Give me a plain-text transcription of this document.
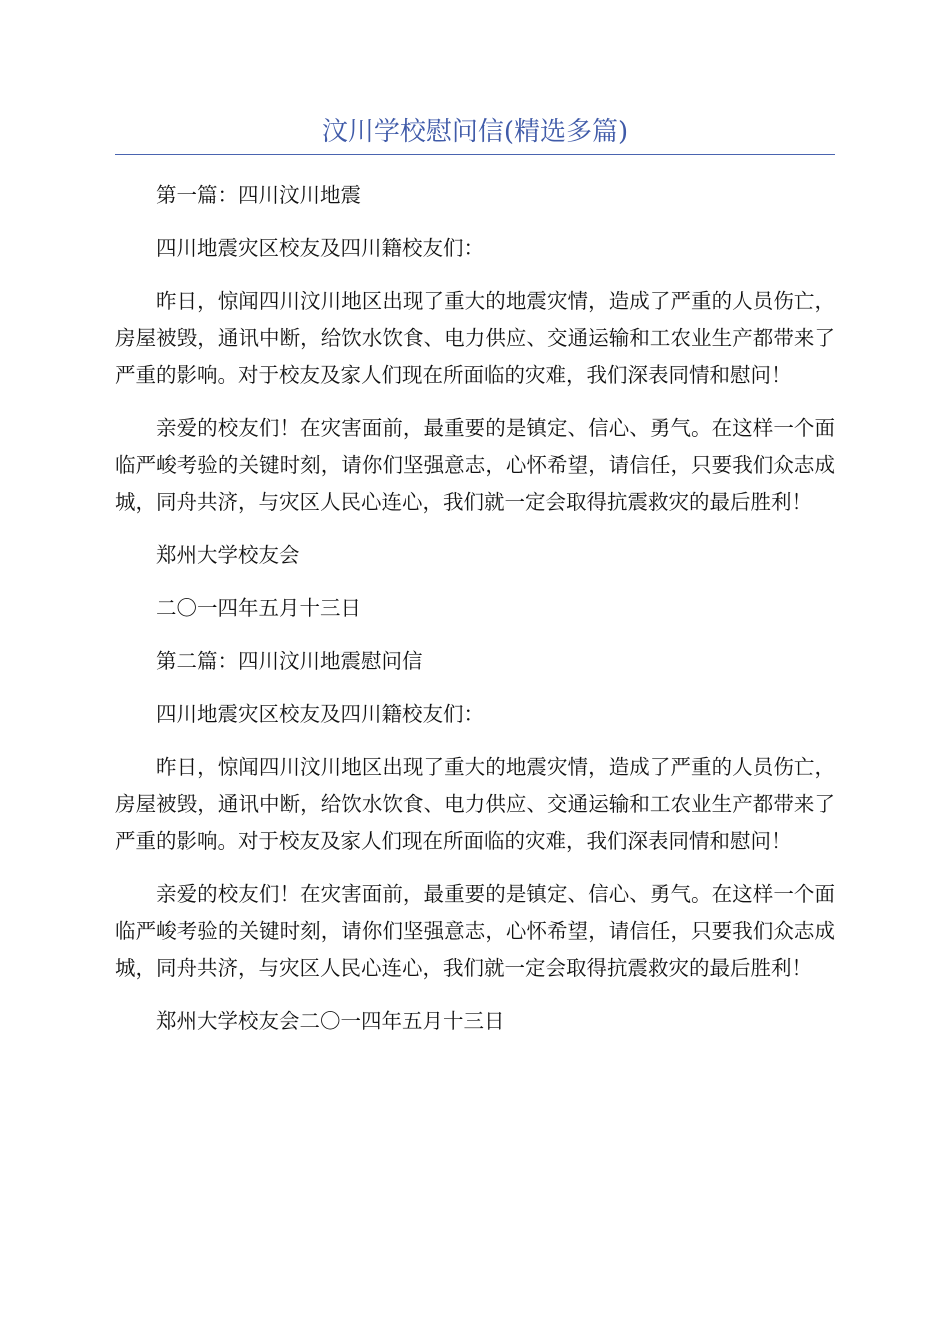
汶川学校慰问信(精选多篇)

第一篇：四川汶川地震

四川地震灾区校友及四川籍校友们：

昨日，惊闻四川汶川地区出现了重大的地震灾情，造成了严重的人员伤亡，房屋被毁，通讯中断，给饮水饮食、电力供应、交通运输和工农业生产都带来了严重的影响。对于校友及家人们现在所面临的灾难，我们深表同情和慰问！

亲爱的校友们！在灾害面前，最重要的是镇定、信心、勇气。在这样一个面临严峻考验的关键时刻，请你们坚强意志，心怀希望，请信任，只要我们众志成城，同舟共济，与灾区人民心连心，我们就一定会取得抗震救灾的最后胜利！

郑州大学校友会

二〇一四年五月十三日

第二篇：四川汶川地震慰问信

四川地震灾区校友及四川籍校友们：

昨日，惊闻四川汶川地区出现了重大的地震灾情，造成了严重的人员伤亡，房屋被毁，通讯中断，给饮水饮食、电力供应、交通运输和工农业生产都带来了严重的影响。对于校友及家人们现在所面临的灾难，我们深表同情和慰问！

亲爱的校友们！在灾害面前，最重要的是镇定、信心、勇气。在这样一个面临严峻考验的关键时刻，请你们坚强意志，心怀希望，请信任，只要我们众志成城，同舟共济，与灾区人民心连心，我们就一定会取得抗震救灾的最后胜利！

郑州大学校友会二〇一四年五月十三日
